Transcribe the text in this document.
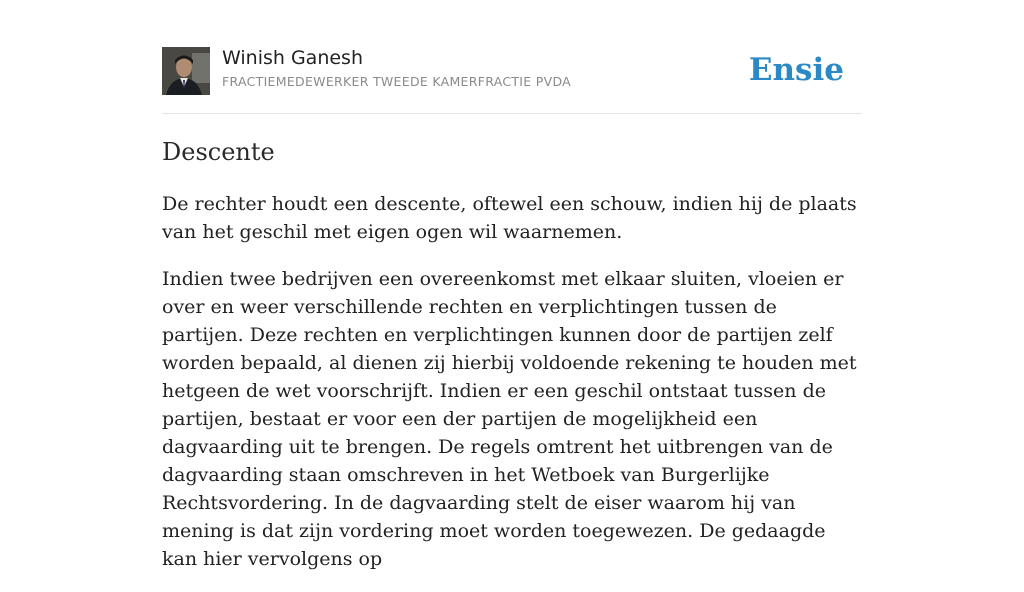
Winish Ganesh
FRACTIEMEDEWERKER TWEEDE KAMERFRACTIE PVDA	Ensie
Descente

De rechter houdt een descente, oftewel een schouw, indien hij de plaats van het geschil met eigen ogen wil waarnemen.

Indien twee bedrijven een overeenkomst met elkaar sluiten, vloeien er over en weer verschillende rechten en verplichtingen tussen de partijen. Deze rechten en verplichtingen kunnen door de partijen zelf worden bepaald, al dienen zij hierbij voldoende rekening te houden met hetgeen de wet voorschrijft. Indien er een geschil ontstaat tussen de partijen, bestaat er voor een der partijen de mogelijkheid een dagvaarding uit te brengen. De regels omtrent het uitbrengen van de dagvaarding staan omschreven in het Wetboek van Burgerlijke Rechtsvordering. In de dagvaarding stelt de eiser waarom hij van mening is dat zijn vordering moet worden toegewezen. De gedaagde kan hier vervolgens op
